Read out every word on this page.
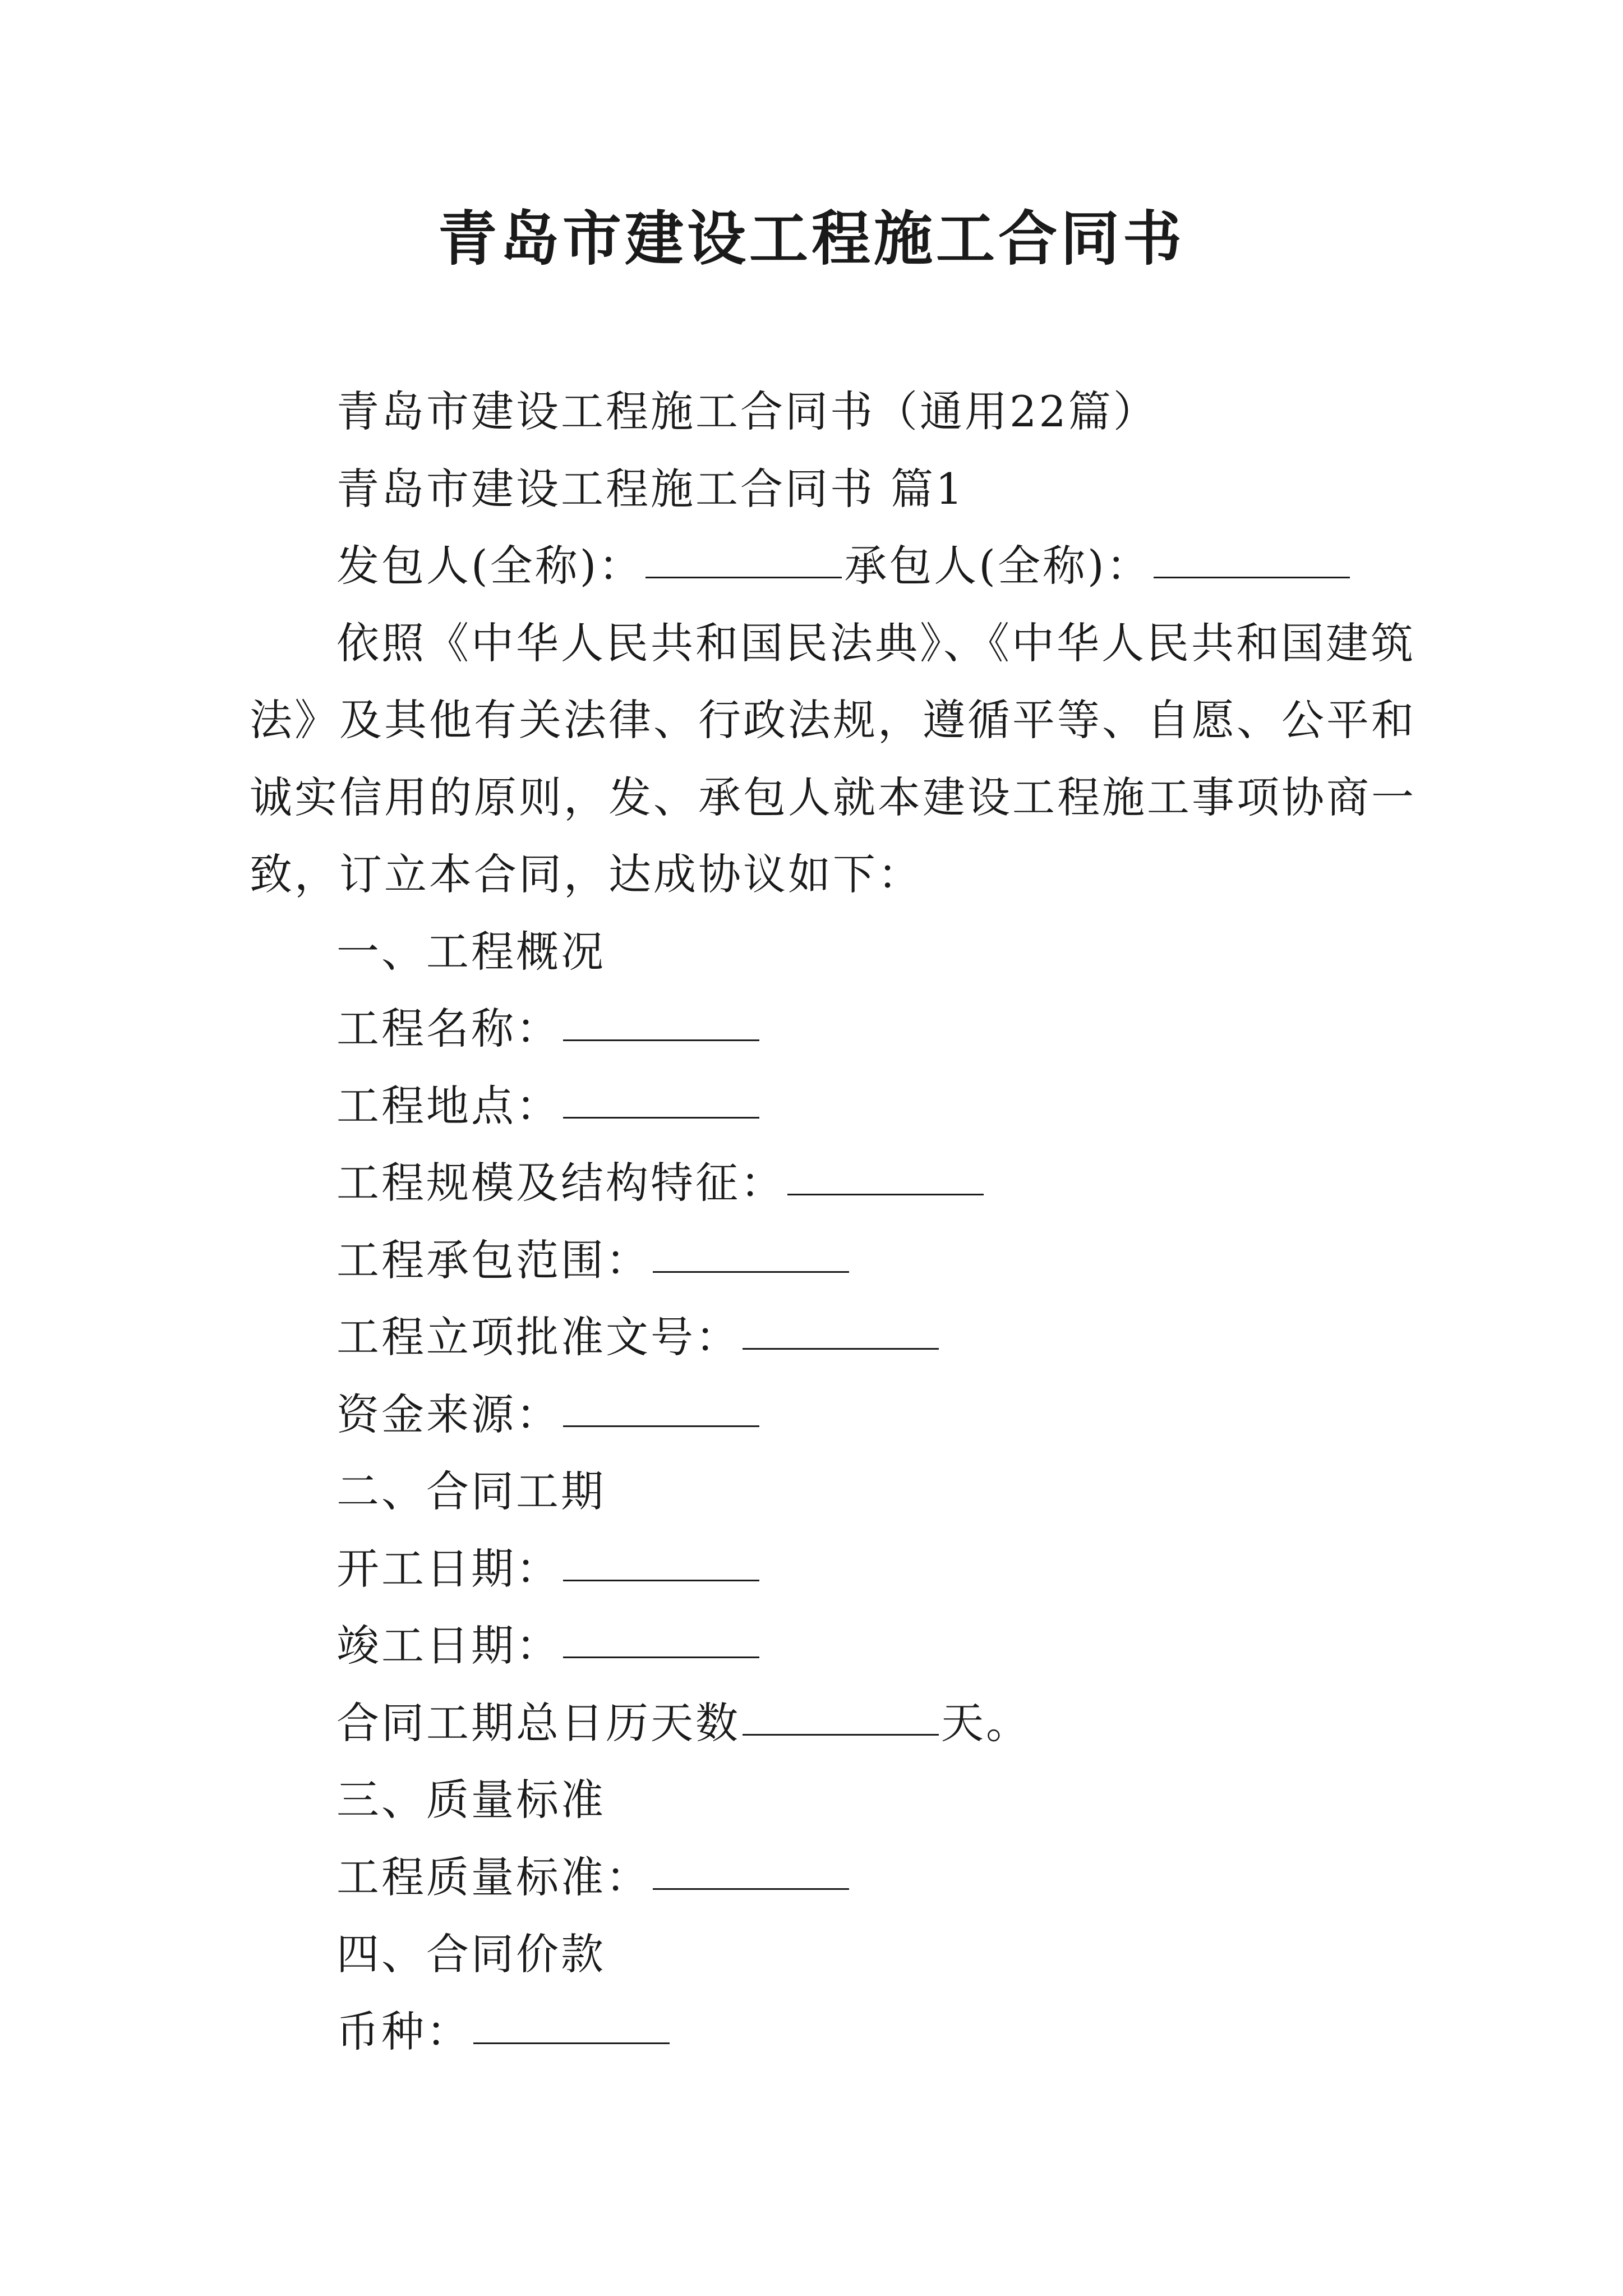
青岛市建设工程施工合同书
青岛市建设工程施工合同书（通用22篇）
青岛市建设工程施工合同书 篇1
发包人(全称)：	承包人(全称)：
依照《中华人民共和国民法典》、《中华人民共和国建筑
法》及其他有关法律、行政法规，遵循平等、自愿、公平和
诚实信用的原则，发、承包人就本建设工程施工事项协商一
致，订立本合同，达成协议如下：
一、工程概况
工程名称：
工程地点：
工程规模及结构特征：
工程承包范围：
工程立项批准文号：
资金来源：
二、合同工期
开工日期：
竣工日期：
合同工期总日历天数	天。
三、质量标准
工程质量标准：
四、合同价款
币种：
